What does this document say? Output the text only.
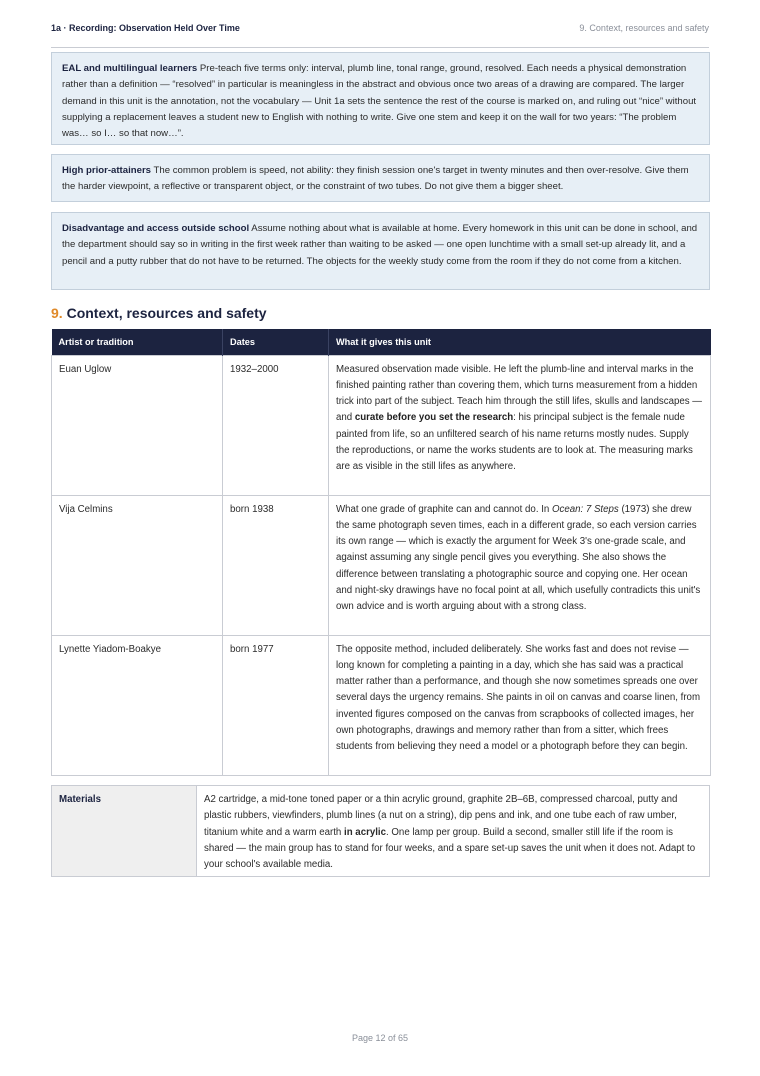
1a · Recording: Observation Held Over Time	9. Context, resources and safety
EAL and multilingual learners Pre-teach five terms only: interval, plumb line, tonal range, ground, resolved. Each needs a physical demonstration rather than a definition — “resolved” in particular is meaningless in the abstract and obvious once two areas of a drawing are compared. The larger demand in this unit is the annotation, not the vocabulary — Unit 1a sets the sentence the rest of the course is marked on, and ruling out “nice” without supplying a replacement leaves a student new to English with nothing to write. Give one stem and keep it on the wall for two years: “The problem was… so I… so that now…”.
High prior-attainers The common problem is speed, not ability: they finish session one's target in twenty minutes and then over-resolve. Give them the harder viewpoint, a reflective or transparent object, or the constraint of two tubes. Do not give them a bigger sheet.
Disadvantage and access outside school Assume nothing about what is available at home. Every homework in this unit can be done in school, and the department should say so in writing in the first week rather than waiting to be asked — one open lunchtime with a small set-up already lit, and a pencil and a putty rubber that do not have to be returned. The objects for the weekly study come from the room if they do not come from a kitchen.
9. Context, resources and safety
Artist or tradition	Dates	What it gives this unit
Euan Uglow	1932–2000	Measured observation made visible. He left the plumb-line and interval marks in the finished painting rather than covering them, which turns measurement from a hidden trick into part of the subject. Teach him through the still lifes, skulls and landscapes — and curate before you set the research: his principal subject is the female nude painted from life, so an unfiltered search of his name returns mostly nudes. Supply the reproductions, or name the works students are to look at. The measuring marks are as visible in the still lifes as anywhere.
Vija Celmins	born 1938	What one grade of graphite can and cannot do. In Ocean: 7 Steps (1973) she drew the same photograph seven times, each in a different grade, so each version carries its own range — which is exactly the argument for Week 3's one-grade scale, and against assuming any single pencil gives you everything. She also shows the difference between translating a photographic source and copying one. Her ocean and night-sky drawings have no focal point at all, which usefully contradicts this unit's own advice and is worth arguing about with a strong class.
Lynette Yiadom-Boakye	born 1977	The opposite method, included deliberately. She works fast and does not revise — long known for completing a painting in a day, which she has said was a practical matter rather than a performance, and though she now sometimes spreads one over several days the urgency remains. She paints in oil on canvas and coarse linen, from invented figures composed on the canvas from scrapbooks of collected images, her own photographs, drawings and memory rather than from a sitter, which frees students from believing they need a model or a photograph before they can begin.
Materials	A2 cartridge, a mid-tone toned paper or a thin acrylic ground, graphite 2B–6B, compressed charcoal, putty and plastic rubbers, viewfinders, plumb lines (a nut on a string), dip pens and ink, and one tube each of raw umber, titanium white and a warm earth in acrylic. One lamp per group. Build a second, smaller still life if the room is shared — the main group has to stand for four weeks, and a spare set-up saves the unit when it does not. Adapt to your school's available media.
Page 12 of 65
